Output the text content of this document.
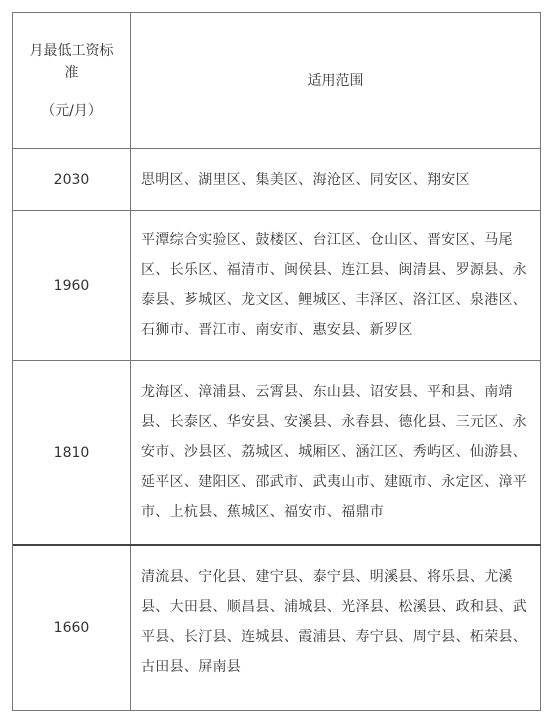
月最低工资标
准
（元/月）
适用范围
2030	思明区、湖里区、集美区、海沧区、同安区、翔安区
1960
平潭综合实验区、鼓楼区、台江区、仓山区、晋安区、马尾区、长乐区、福清市、闽侯县、连江县、闽清县、罗源县、永泰县、芗城区、龙文区、鲤城区、丰泽区、洛江区、泉港区、石狮市、晋江市、南安市、惠安县、新罗区
1810
龙海区、漳浦县、云霄县、东山县、诏安县、平和县、南靖县、长泰区、华安县、安溪县、永春县、德化县、三元区、永安市、沙县区、荔城区、城厢区、涵江区、秀屿区、仙游县、延平区、建阳区、邵武市、武夷山市、建瓯市、永定区、漳平市、上杭县、蕉城区、福安市、福鼎市
1660
清流县、宁化县、建宁县、泰宁县、明溪县、将乐县、尤溪县、大田县、顺昌县、浦城县、光泽县、松溪县、政和县、武平县、长汀县、连城县、霞浦县、寿宁县、周宁县、柘荣县、古田县、屏南县
